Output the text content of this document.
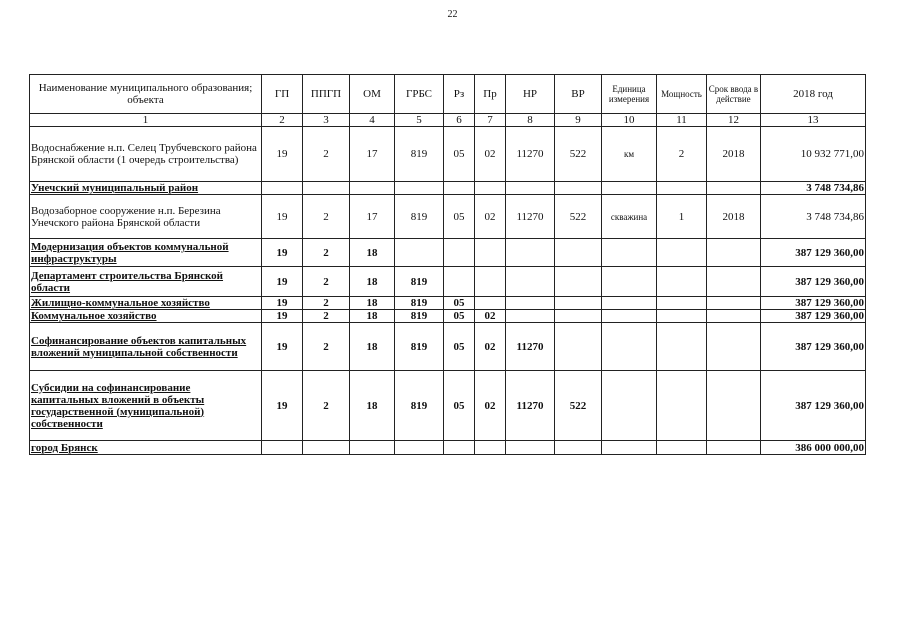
22
Наименование муниципального образования; объекта	ГП	ППГП	ОМ	ГРБС	Рз	Пр	НР	ВР	Единица измерения	Мощность	Срок ввода в действие	2018 год
1	2	3	4	5	6	7	8	9	10	11	12	13
Водоснабжение н.п. Селец Трубчевского района Брянской области (1 очередь строительства)	19	2	17	819	05	02	11270	522	км	2	2018	10 932 771,00
Унечский муниципальный район												3 748 734,86
Водозаборное сооружение н.п. Березина Унечского района Брянской области	19	2	17	819	05	02	11270	522	скважина	1	2018	3 748 734,86
Модернизация объектов коммунальной инфраструктуры	19	2	18									387 129 360,00
Департамент строительства Брянской области	19	2	18	819								387 129 360,00
Жилищно-коммунальное хозяйство	19	2	18	819	05							387 129 360,00
Коммунальное хозяйство	19	2	18	819	05	02						387 129 360,00
Софинансирование объектов капитальных вложений муниципальной собственности	19	2	18	819	05	02	11270					387 129 360,00
Субсидии на софинансирование капитальных вложений в объекты государственной (муниципальной) собственности	19	2	18	819	05	02	11270	522				387 129 360,00
город Брянск												386 000 000,00
